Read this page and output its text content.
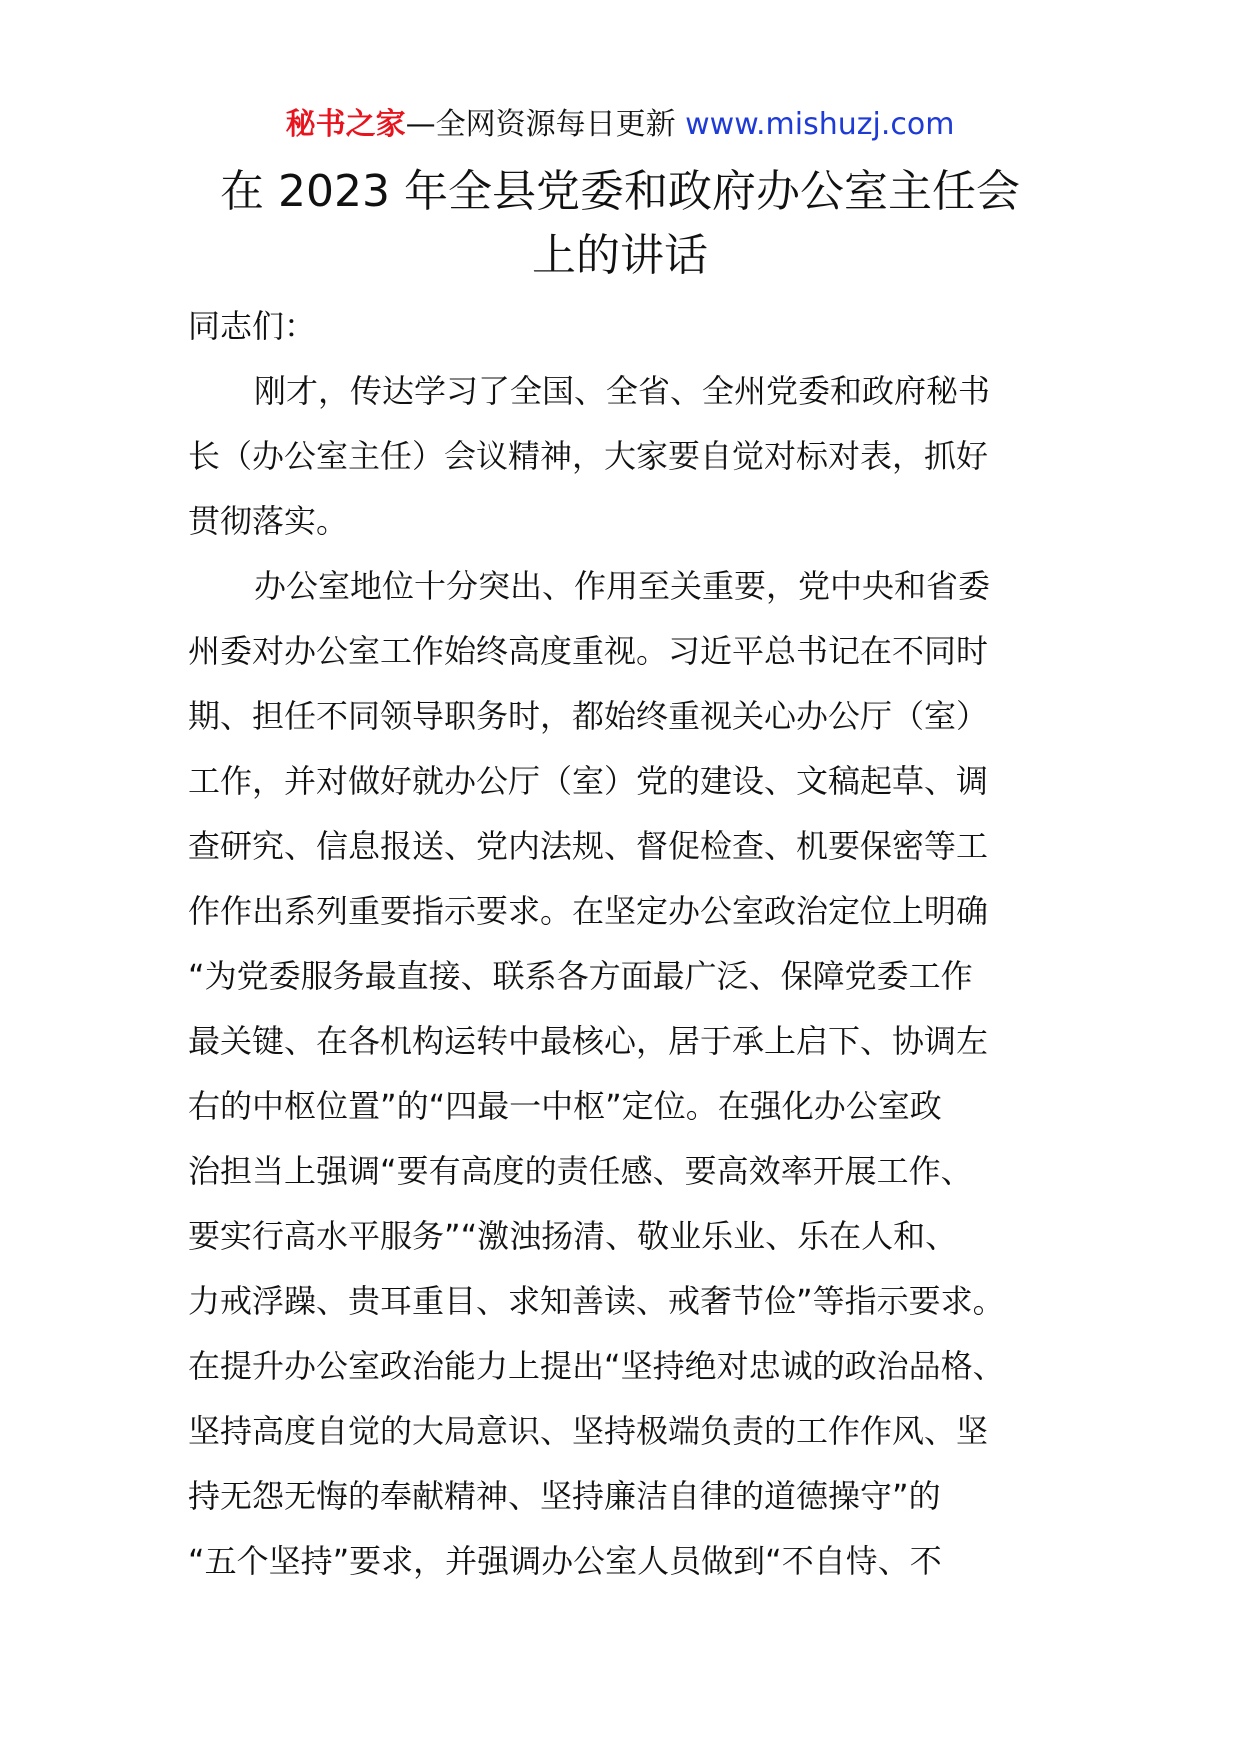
秘书之家—全网资源每日更新 www.mishuzj.com
在 2023 年全县党委和政府办公室主任会
上的讲话
同志们：
刚才，传达学习了全国、全省、全州党委和政府秘书
长（办公室主任）会议精神，大家要自觉对标对表，抓好
贯彻落实。
办公室地位十分突出、作用至关重要，党中央和省委
州委对办公室工作始终高度重视。习近平总书记在不同时
期、担任不同领导职务时，都始终重视关心办公厅（室）
工作，并对做好就办公厅（室）党的建设、文稿起草、调
查研究、信息报送、党内法规、督促检查、机要保密等工
作作出系列重要指示要求。在坚定办公室政治定位上明确
“为党委服务最直接、联系各方面最广泛、保障党委工作
最关键、在各机构运转中最核心，居于承上启下、协调左
右的中枢位置”的“四最一中枢”定位。在强化办公室政
治担当上强调“要有高度的责任感、要高效率开展工作、
要实行高水平服务”“激浊扬清、敬业乐业、乐在人和、
力戒浮躁、贵耳重目、求知善读、戒奢节俭”等指示要求。
在提升办公室政治能力上提出“坚持绝对忠诚的政治品格、
坚持高度自觉的大局意识、坚持极端负责的工作作风、坚
持无怨无悔的奉献精神、坚持廉洁自律的道德操守”的
“五个坚持”要求，并强调办公室人员做到“不自恃、不
